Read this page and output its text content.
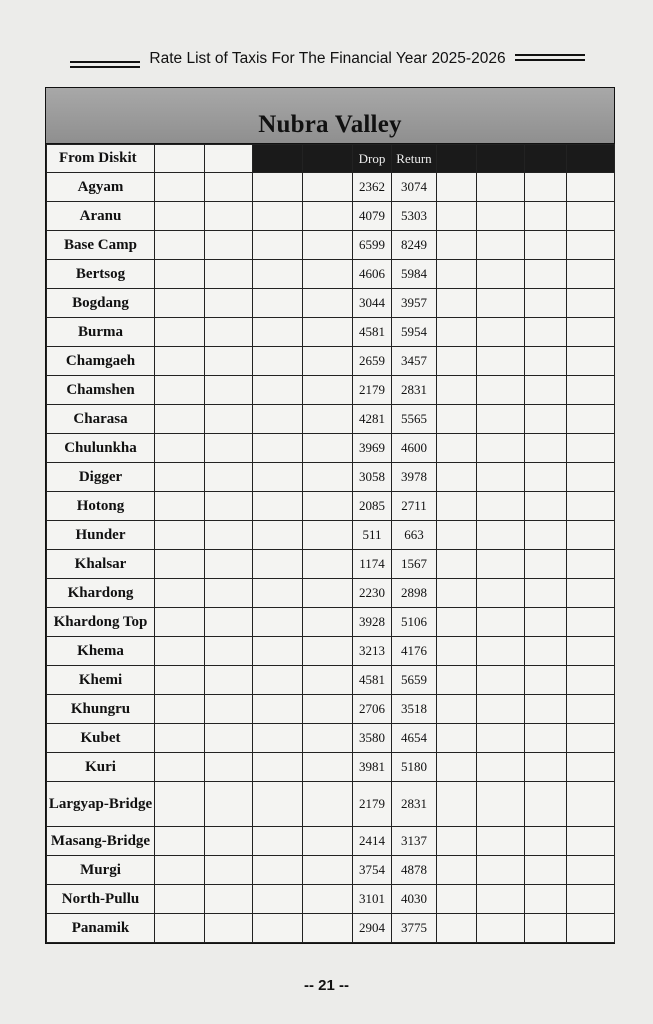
Rate List of Taxis For The Financial Year 2025-2026
Nubra Valley
From Diskit					Drop	Return				
Agyam					2362	3074				
Aranu					4079	5303				
Base Camp					6599	8249				
Bertsog					4606	5984				
Bogdang					3044	3957				
Burma					4581	5954				
Chamgaeh					2659	3457				
Chamshen					2179	2831				
Charasa					4281	5565				
Chulunkha					3969	4600				
Digger					3058	3978				
Hotong					2085	2711				
Hunder					511	663				
Khalsar					1174	1567				
Khardong					2230	2898				
Khardong Top					3928	5106				
Khema					3213	4176				
Khemi					4581	5659				
Khungru					2706	3518				
Kubet					3580	4654				
Kuri					3981	5180				
Largyap-Bridge					2179	2831				
Masang-Bridge					2414	3137				
Murgi					3754	4878				
North-Pullu					3101	4030				
Panamik					2904	3775				
-- 21 --
